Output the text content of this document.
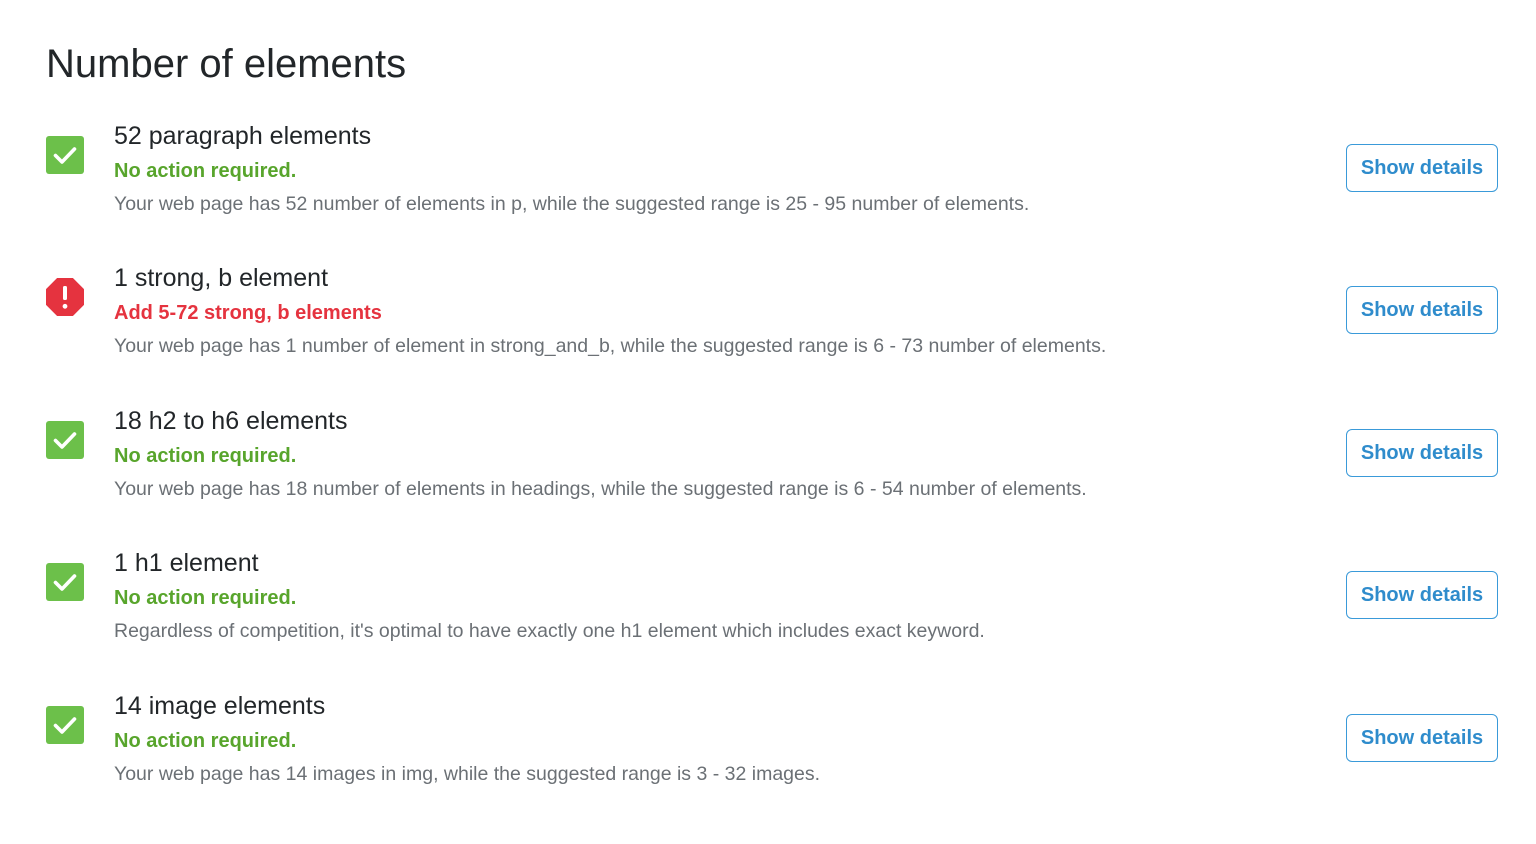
Number of elements
52 paragraph elements
No action required.
Your web page has 52 number of elements in p, while the suggested range is 25 - 95 number of elements.
Show details
1 strong, b element
Add 5-72 strong, b elements
Your web page has 1 number of element in strong_and_b, while the suggested range is 6 - 73 number of elements.
Show details
18 h2 to h6 elements
No action required.
Your web page has 18 number of elements in headings, while the suggested range is 6 - 54 number of elements.
Show details
1 h1 element
No action required.
Regardless of competition, it's optimal to have exactly one h1 element which includes exact keyword.
Show details
14 image elements
No action required.
Your web page has 14 images in img, while the suggested range is 3 - 32 images.
Show details
